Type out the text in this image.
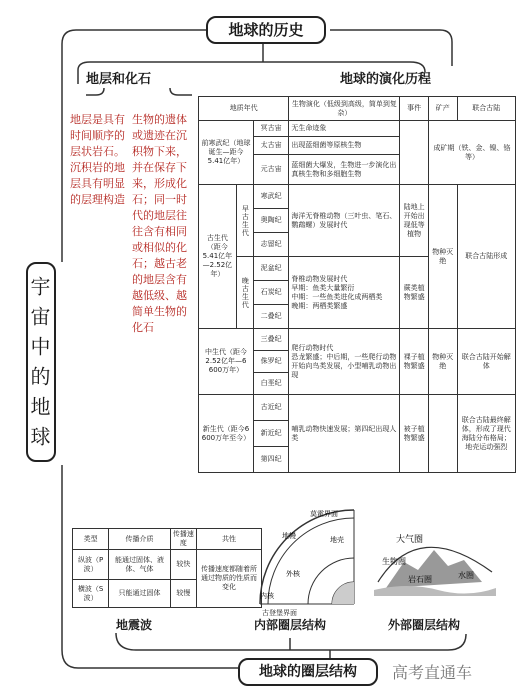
地球的历史
宇宙中的地球
地层和化石	地球的演化历程
地层是具有时间顺序的层状岩石。沉积岩的地层具有明显的层理构造
生物的遗体或遗迹在沉积物下来，并在保存下来，形成化石；同一时代的地层往往含有相同或相似的化石；越古老的地层含有越低级、越简单生物的化石
地质年代			生物演化（低级到高级，简单到复杂）	事件	矿产	联合古陆
前寒武纪（地球诞生—距今5.41亿年）		冥古宙	无生命迹象		成矿期（铁、金、镍、铬等）	
		太古宙	出现蓝细菌等原核生物			
		元古宙	蓝细菌大爆发，生物进一步演化出真核生物和多细胞生物			
古生代（距今5.41亿年—2.52亿年）	早古生代	寒武纪	海洋无脊椎动物（三叶虫、笔石、鹦鹉螺）发展时代	陆地上开始出现低等植物	物种灭绝	联合古陆形成
		奥陶纪				
		志留纪				
	晚古生代	泥盆纪	脊椎动物发展时代
早期：鱼类大量繁衍
中期：一些鱼类进化成两栖类
晚期：两栖类繁盛	蕨类植物繁盛		
		石炭纪				
		二叠纪				
中生代（距今2.52亿年—6 600万年）		三叠纪	爬行动物时代
恐龙繁盛；中后期，一些爬行动物开始向鸟类发展，小型哺乳动物出现	裸子植物繁盛	物种灭绝	联合古陆开始解体
		侏罗纪				
		白垩纪				
新生代（距今6 600万年至今）		古近纪	哺乳动物快速发展；第四纪出现人类	被子植物繁盛		联合古陆最终解体，形成了现代海陆分布格局；地壳运动强烈
		新近纪				
		第四纪				
类型	传播介质	传播速度	共性
纵波（P波）	能通过固体、液体、气体	较快	传播速度都随着所通过物质的性质而变化
横波（S波）	只能通过固体	较慢	
莫霍界面
地幔	地壳
外核
内核
古登堡界面
大气圈
生物圈
岩石圈	水圈
地震波	内部圈层结构	外部圈层结构
地球的圈层结构	高考直通车
